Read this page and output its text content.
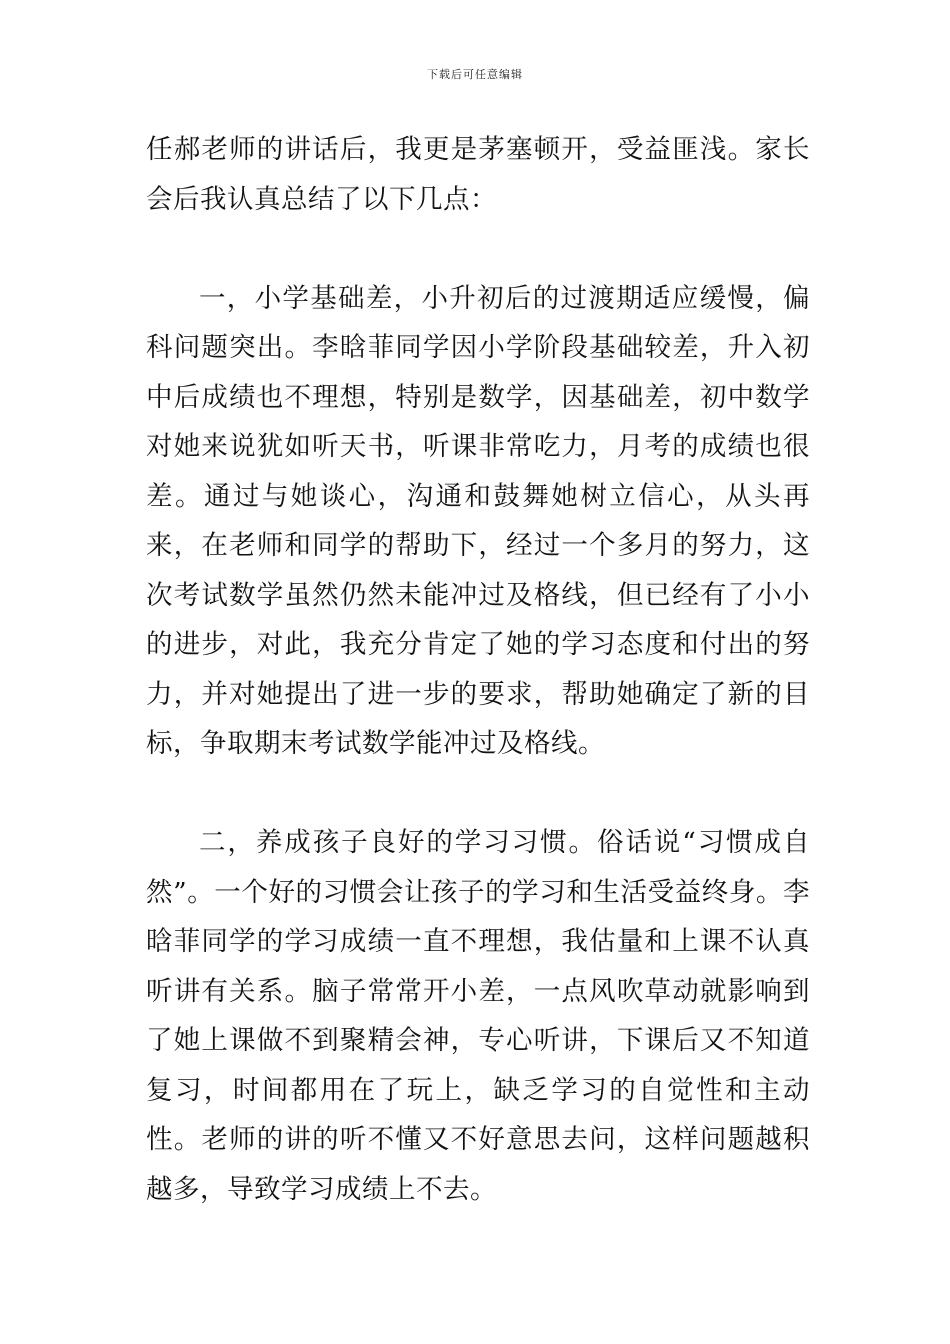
下载后可任意编辑

任郝老师的讲话后，我更是茅塞顿开，受益匪浅。家长会后我认真总结了以下几点：

一，小学基础差，小升初后的过渡期适应缓慢，偏科问题突出。李晗菲同学因小学阶段基础较差，升入初中后成绩也不理想，特别是数学，因基础差，初中数学对她来说犹如听天书，听课非常吃力，月考的成绩也很差。通过与她谈心，沟通和鼓舞她树立信心，从头再来，在老师和同学的帮助下，经过一个多月的努力，这次考试数学虽然仍然未能冲过及格线，但已经有了小小的进步，对此，我充分肯定了她的学习态度和付出的努力，并对她提出了进一步的要求，帮助她确定了新的目标，争取期末考试数学能冲过及格线。

二，养成孩子良好的学习习惯。俗话说“习惯成自然”。一个好的习惯会让孩子的学习和生活受益终身。李晗菲同学的学习成绩一直不理想，我估量和上课不认真听讲有关系。脑子常常开小差，一点风吹草动就影响到了她上课做不到聚精会神，专心听讲，下课后又不知道复习，时间都用在了玩上，缺乏学习的自觉性和主动性。老师的讲的听不懂又不好意思去问，这样问题越积越多，导致学习成绩上不去。
